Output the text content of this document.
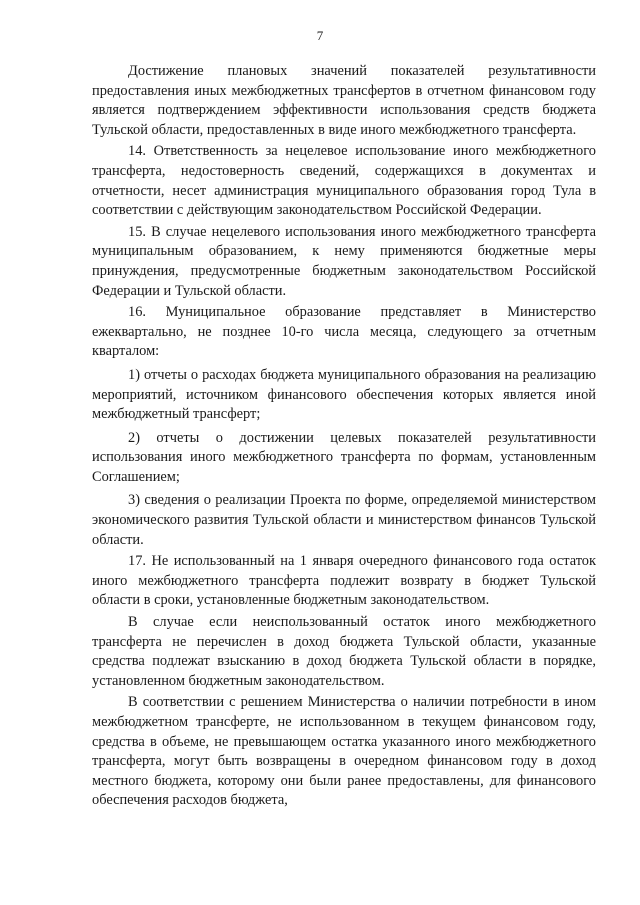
7

Достижение плановых значений показателей результативности предоставления иных межбюджетных трансфертов в отчетном финансовом году является подтверждением эффективности использования средств бюджета Тульской области, предоставленных в виде иного межбюджетного трансферта.

14. Ответственность за нецелевое использование иного межбюджетного трансферта, недостоверность сведений, содержащихся в документах и отчетности, несет администрация муниципального образования город Тула в соответствии с действующим законодательством Российской Федерации.

15. В случае нецелевого использования иного межбюджетного трансферта муниципальным образованием, к нему применяются бюджетные меры принуждения, предусмотренные бюджетным законодательством Российской Федерации и Тульской области.

16. Муниципальное образование представляет в Министерство ежеквартально, не позднее 10-го числа месяца, следующего за отчетным кварталом:

1) отчеты о расходах бюджета муниципального образования на реализацию мероприятий, источником финансового обеспечения которых является иной межбюджетный трансферт;

2) отчеты о достижении целевых показателей результативности использования иного межбюджетного трансферта по формам, установленным Соглашением;

3) сведения о реализации Проекта по форме, определяемой министерством экономического развития Тульской области и министерством финансов Тульской области.

17. Не использованный на 1 января очередного финансового года остаток иного межбюджетного трансферта подлежит возврату в бюджет Тульской области в сроки, установленные бюджетным законодательством.

В случае если неиспользованный остаток иного межбюджетного трансферта не перечислен в доход бюджета Тульской области, указанные средства подлежат взысканию в доход бюджета Тульской области в порядке, установленном бюджетным законодательством.

В соответствии с решением Министерства о наличии потребности в ином межбюджетном трансферте, не использованном в текущем финансовом году, средства в объеме, не превышающем остатка указанного иного межбюджетного трансферта, могут быть возвращены в очередном финансовом году в доход местного бюджета, которому они были ранее предоставлены, для финансового обеспечения расходов бюджета,
